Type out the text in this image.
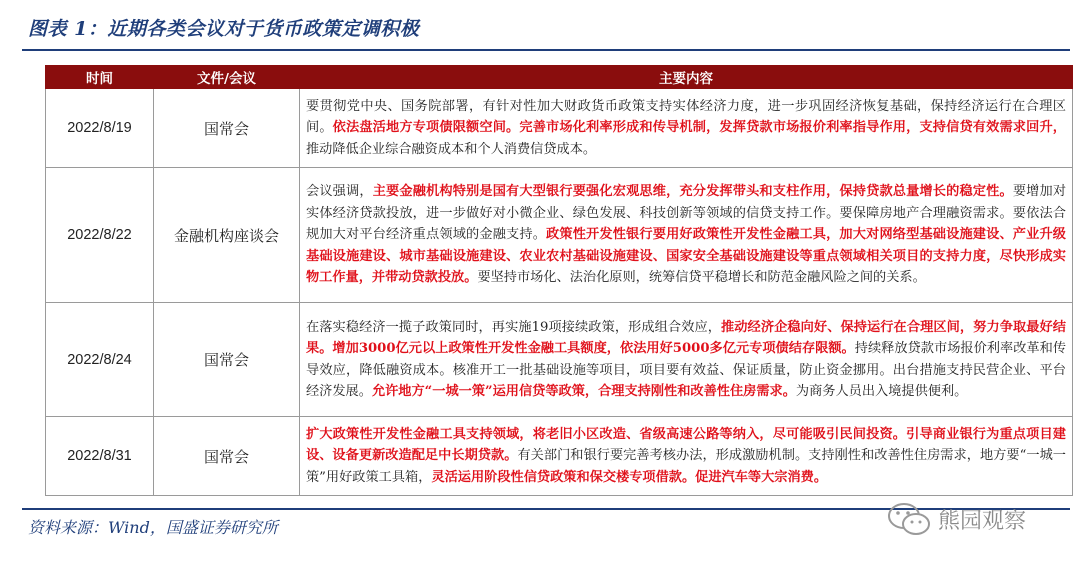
图表 1：近期各类会议对于货币政策定调积极
时间	文件/会议	主要内容
2022/8/19	国常会	要贯彻党中央、国务院部署，有针对性加大财政货币政策支持实体经济力度，进一步巩固经济恢复基础，保持经济运行在合理区间。依法盘活地方专项债限额空间。完善市场化利率形成和传导机制，发挥贷款市场报价利率指导作用，支持信贷有效需求回升，推动降低企业综合融资成本和个人消费信贷成本。
2022/8/22	金融机构座谈会	会议强调，主要金融机构特别是国有大型银行要强化宏观思维，充分发挥带头和支柱作用，保持贷款总量增长的稳定性。要增加对实体经济贷款投放，进一步做好对小微企业、绿色发展、科技创新等领域的信贷支持工作。要保障房地产合理融资需求。要依法合规加大对平台经济重点领域的金融支持。政策性开发性银行要用好政策性开发性金融工具，加大对网络型基础设施建设、产业升级基础设施建设、城市基础设施建设、农业农村基础设施建设、国家安全基础设施建设等重点领域相关项目的支持力度，尽快形成实物工作量，并带动贷款投放。要坚持市场化、法治化原则，统筹信贷平稳增长和防范金融风险之间的关系。
2022/8/24	国常会	在落实稳经济一揽子政策同时，再实施19项接续政策，形成组合效应，推动经济企稳向好、保持运行在合理区间，努力争取最好结果。增加3000亿元以上政策性开发性金融工具额度，依法用好5000多亿元专项债结存限额。持续释放贷款市场报价利率改革和传导效应，降低融资成本。核准开工一批基础设施等项目，项目要有效益、保证质量，防止资金挪用。出台措施支持民营企业、平台经济发展。允许地方“一城一策”运用信贷等政策，合理支持刚性和改善性住房需求。为商务人员出入境提供便利。
2022/8/31	国常会	扩大政策性开发性金融工具支持领域，将老旧小区改造、省级高速公路等纳入，尽可能吸引民间投资。引导商业银行为重点项目建设、设备更新改造配足中长期贷款。有关部门和银行要完善考核办法，形成激励机制。支持刚性和改善性住房需求，地方要“一城一策”用好政策工具箱，灵活运用阶段性信贷政策和保交楼专项借款。促进汽车等大宗消费。
资料来源：Wind，国盛证券研究所	熊园观察
